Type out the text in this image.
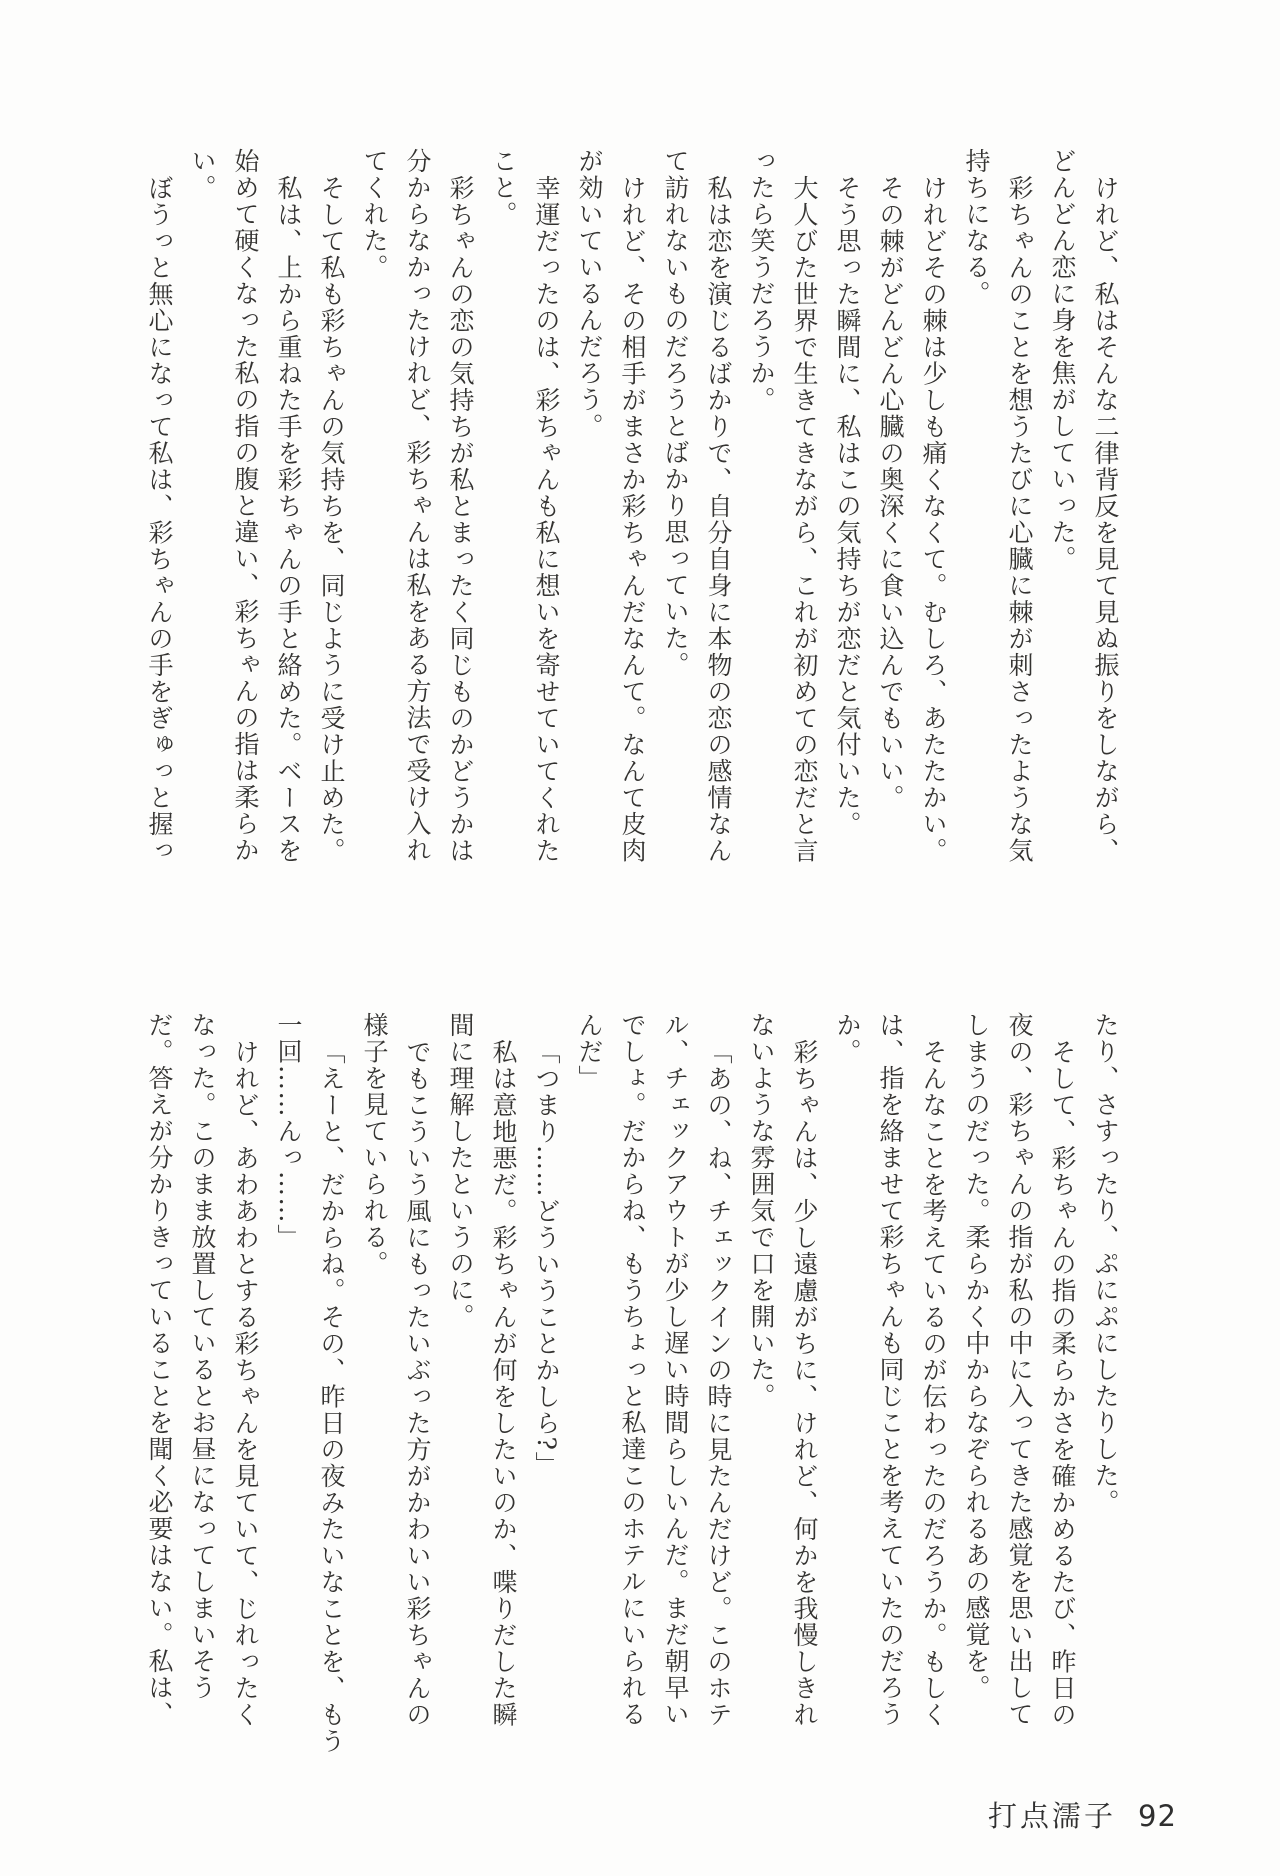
けれど、私はそんな二律背反を見て見ぬ振りをしながら、
どんどん恋に身を焦がしていった。
彩ちゃんのことを想うたびに心臓に棘が刺さったような気
持ちになる。
けれどその棘は少しも痛くなくて。むしろ、あたたかい。
その棘がどんどん心臓の奥深くに食い込んでもいい。
そう思った瞬間に、私はこの気持ちが恋だと気付いた。
大人びた世界で生きてきながら、これが初めての恋だと言
ったら笑うだろうか。
私は恋を演じるばかりで、自分自身に本物の恋の感情なん
て訪れないものだろうとばかり思っていた。
けれど、その相手がまさか彩ちゃんだなんて。なんて皮肉
が効いているんだろう。
幸運だったのは、彩ちゃんも私に想いを寄せていてくれた
こと。
彩ちゃんの恋の気持ちが私とまったく同じものかどうかは
分からなかったけれど、彩ちゃんは私をある方法で受け入れ
てくれた。
そして私も彩ちゃんの気持ちを、同じように受け止めた。
私は、上から重ねた手を彩ちゃんの手と絡めた。ベースを
始めて硬くなった私の指の腹と違い、彩ちゃんの指は柔らか
い。
ぼうっと無心になって私は、彩ちゃんの手をぎゅっと握っ
たり、さすったり、ぷにぷにしたりした。
そして、彩ちゃんの指の柔らかさを確かめるたび、昨日の
夜の、彩ちゃんの指が私の中に入ってきた感覚を思い出して
しまうのだった。柔らかく中からなぞられるあの感覚を。
そんなことを考えているのが伝わったのだろうか。もしく
は、指を絡ませて彩ちゃんも同じことを考えていたのだろう
か。
彩ちゃんは、少し遠慮がちに、けれど、何かを我慢しきれ
ないような雰囲気で口を開いた。
「あの、ね、チェックインの時に見たんだけど。このホテ
ル、チェックアウトが少し遅い時間らしいんだ。まだ朝早い
でしょ。だからね、もうちょっと私達このホテルにいられる
んだ」
「つまり……どういうことかしら?」
私は意地悪だ。彩ちゃんが何をしたいのか、喋りだした瞬
間に理解したというのに。
でもこういう風にもったいぶった方がかわいい彩ちゃんの
様子を見ていられる。
「えーと、だからね。その、昨日の夜みたいなことを、もう
一回……んっ……」
けれど、あわあわとする彩ちゃんを見ていて、じれったく
なった。このまま放置しているとお昼になってしまいそう
だ。答えが分かりきっていることを聞く必要はない。私は、
打点濡子 92
